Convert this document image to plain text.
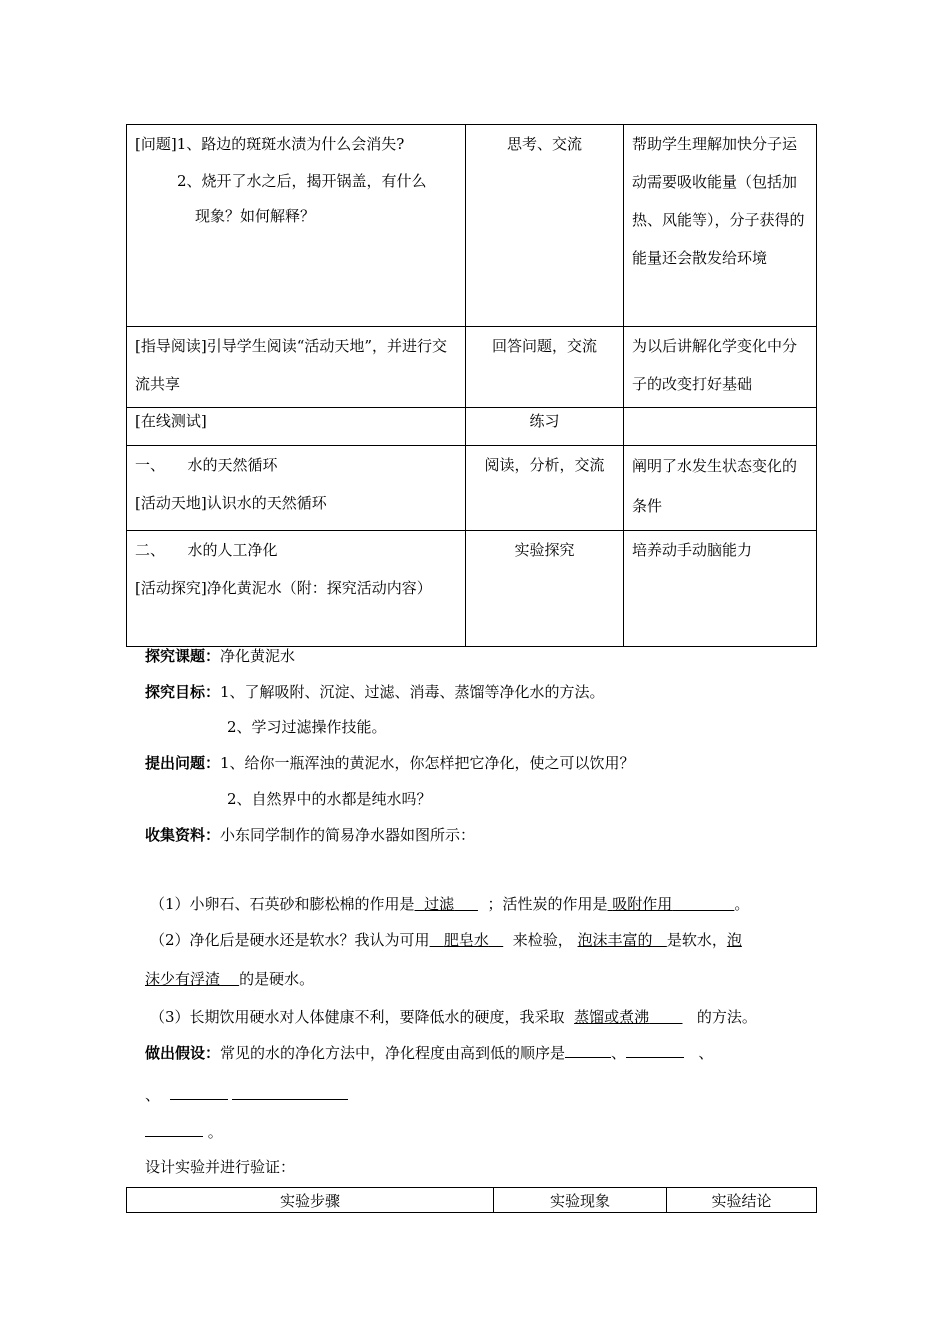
[问题]1、路边的斑斑水渍为什么会消失?
2、烧开了水之后，揭开锅盖，有什么
现象？如何解释？	思考、交流	帮助学生理解加快分子运动需要吸收能量（包括加热、风能等），分子获得的能量还会散发给环境
[指导阅读]引导学生阅读“活动天地”，并进行交流共享	回答问题，交流	为以后讲解化学变化中分子的改变打好基础
[在线测试]	练习	

一、　　水的天然循环
[活动天地]认识水的天然循环	阅读，分析，交流	阐明了水发生状态变化的条件

二、　　水的人工净化
[活动探究]净化黄泥水（附：探究活动内容）	实验探究	培养动手动脑能力
探究课题：净化黄泥水
探究目标：1、了解吸附、沉淀、过滤、消毒、蒸馏等净化水的方法。
2、学习过滤操作技能。
提出问题：1、给你一瓶浑浊的黄泥水，你怎样把它净化，使之可以饮用？
2、自然界中的水都是纯水吗？
收集资料：小东同学制作的简易净水器如图所示：
（1）小卵石、石英砂和膨松棉的作用是 过滤 ；活性炭的作用是 吸附作用	。
（2）净化后是硬水还是软水？我认为可用 肥皂水 来检验， 泡沫丰富的 是软水，泡
沫少有浮渣 的是硬水。
（3）长期饮用硬水对人体健康不利，要降低水的硬度，我采取 蒸馏或煮沸	的方法。
做出假设：常见的水的净化方法中，净化程度由高到低的顺序是	、	、
、
。
设计实验并进行验证：
实验步骤	实验现象	实验结论
